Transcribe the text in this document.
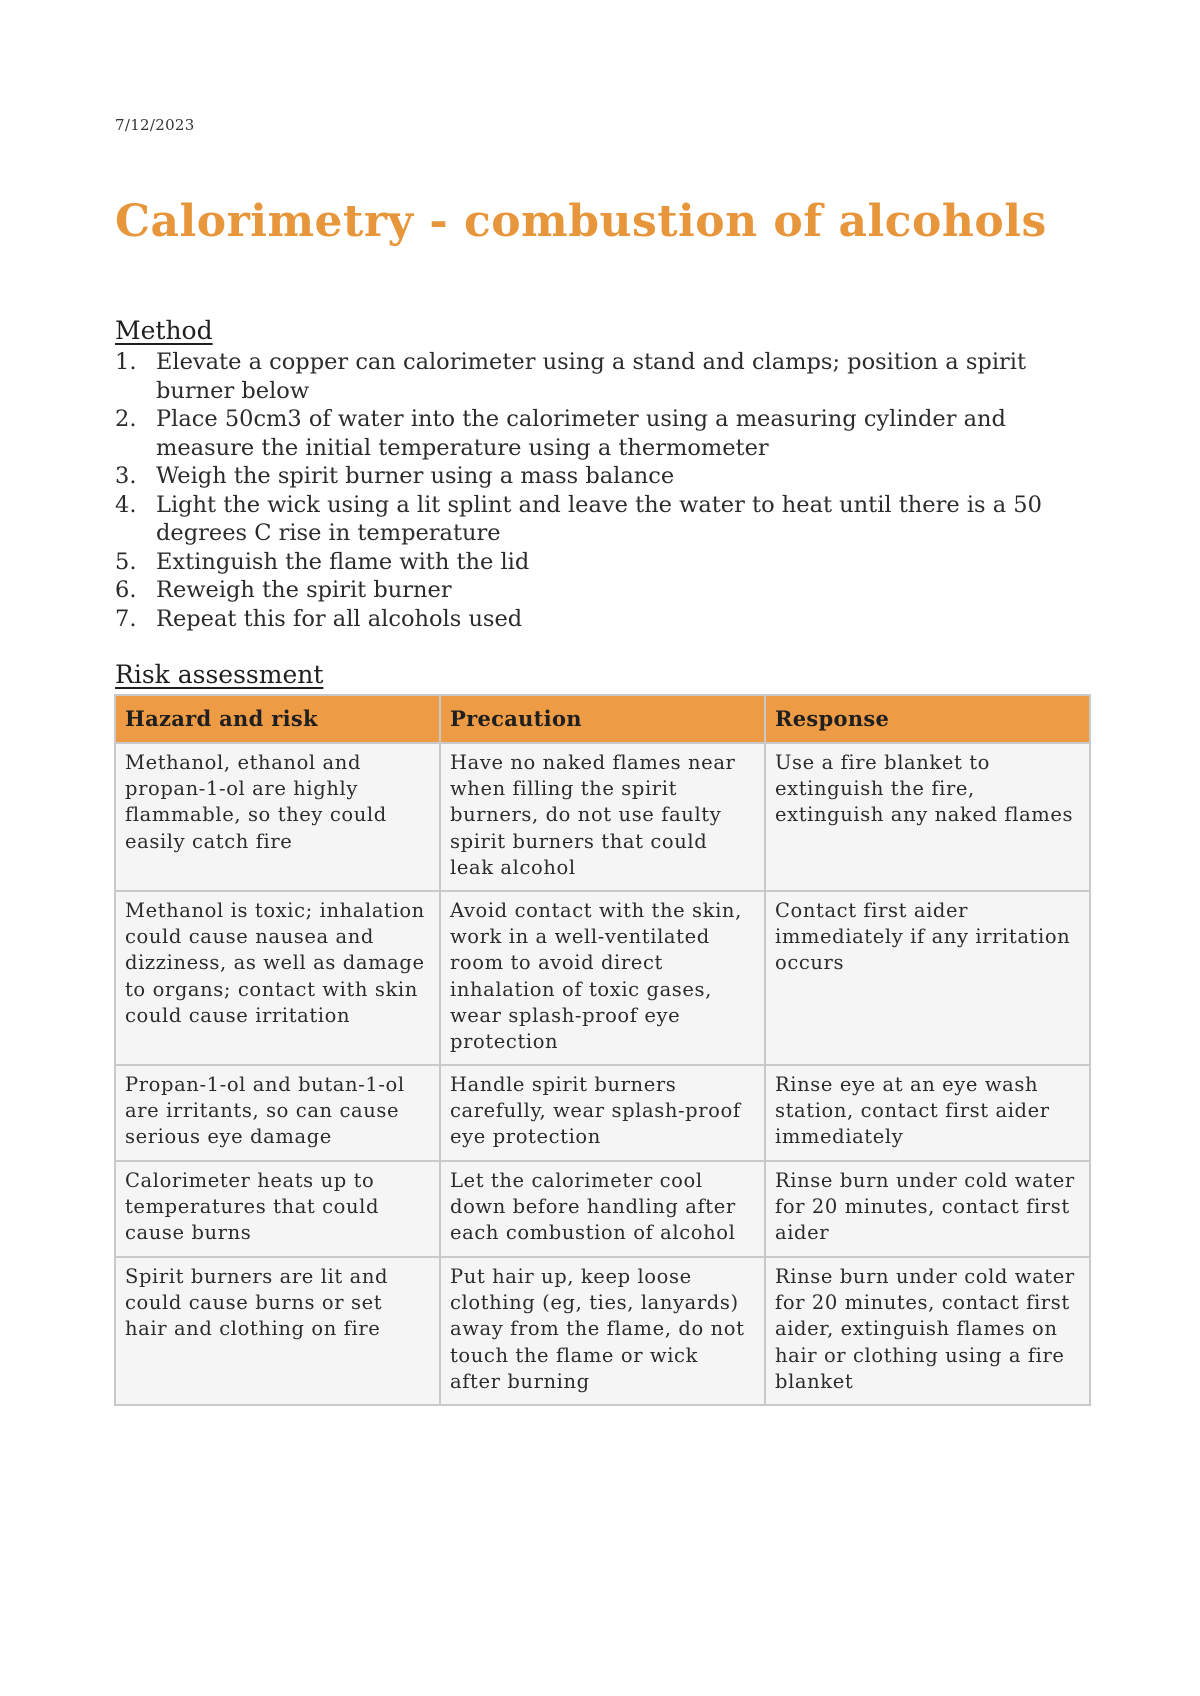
7/12/2023
Calorimetry - combustion of alcohols
Method
1. Elevate a copper can calorimeter using a stand and clamps; position a spirit burner below
2. Place 50cm3 of water into the calorimeter using a measuring cylinder and measure the initial temperature using a thermometer
3. Weigh the spirit burner using a mass balance
4. Light the wick using a lit splint and leave the water to heat until there is a 50 degrees C rise in temperature
5. Extinguish the flame with the lid
6. Reweigh the spirit burner
7. Repeat this for all alcohols used
Risk assessment
Hazard and risk	Precaution	Response
Methanol, ethanol and propan-1-ol are highly flammable, so they could easily catch fire	Have no naked flames near when filling the spirit burners, do not use faulty spirit burners that could leak alcohol	Use a fire blanket to extinguish the fire, extinguish any naked flames
Methanol is toxic; inhalation could cause nausea and dizziness, as well as damage to organs; contact with skin could cause irritation	Avoid contact with the skin, work in a well-ventilated room to avoid direct inhalation of toxic gases, wear splash-proof eye protection	Contact first aider immediately if any irritation occurs
Propan-1-ol and butan-1-ol are irritants, so can cause serious eye damage	Handle spirit burners carefully, wear splash-proof eye protection	Rinse eye at an eye wash station, contact first aider immediately
Calorimeter heats up to temperatures that could cause burns	Let the calorimeter cool down before handling after each combustion of alcohol	Rinse burn under cold water for 20 minutes, contact first aider
Spirit burners are lit and could cause burns or set hair and clothing on fire	Put hair up, keep loose clothing (eg, ties, lanyards) away from the flame, do not touch the flame or wick after burning	Rinse burn under cold water for 20 minutes, contact first aider, extinguish flames on hair or clothing using a fire blanket
